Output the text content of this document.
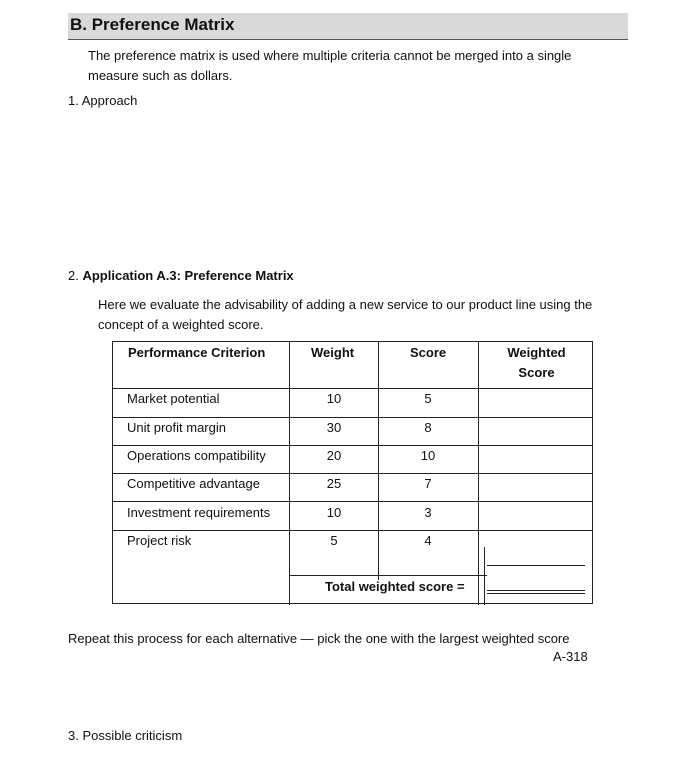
B. Preference Matrix
The preference matrix is used where multiple criteria cannot be merged into a single measure such as dollars.
1. Approach
2. Application A.3: Preference Matrix
Here we evaluate the advisability of adding a new service to our product line using the concept of a weighted score.
Performance Criterion	Weight	Score	Weighted
Score
Market potential	10	5
Unit profit margin	30	8
Operations compatibility	20	10
Competitive advantage	25	7
Investment requirements	10	3
Project risk	5	4
Total weighted score =
Repeat this process for each alternative — pick the one with the largest weighted score
A-318
3. Possible criticism
